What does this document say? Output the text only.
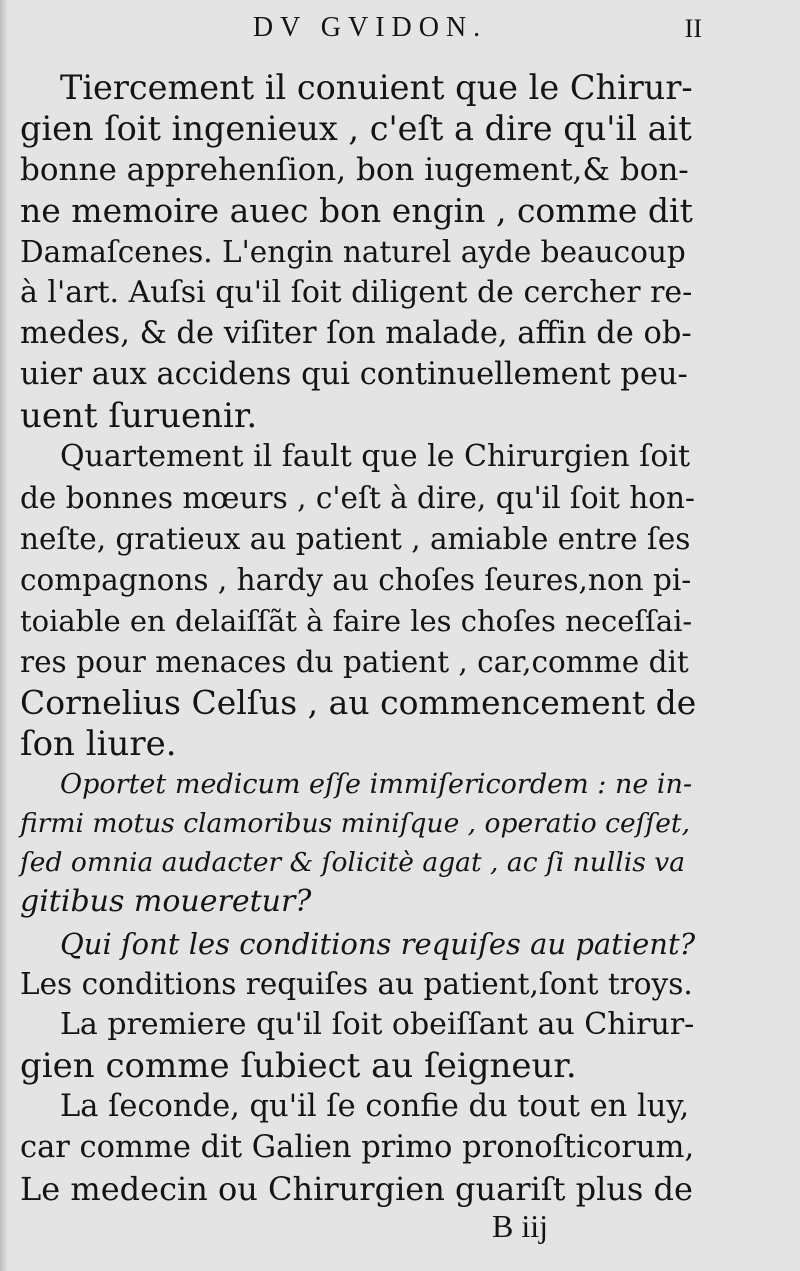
DV GVIDON.	II
Tiercement il conuient que le Chirur-
gien ſoit ingenieux , c'eſt a dire qu'il ait
bonne apprehenſion, bon iugement,& bon-
ne memoire auec bon engin , comme dit
Damaſcenes. L'engin naturel ayde beaucoup
à l'art. Auſsi qu'il ſoit diligent de cercher re-
medes, & de viſiter ſon malade, affin de ob-
uier aux accidens qui continuellement peu-
uent ſuruenir.
Quartement il fault que le Chirurgien ſoit
de bonnes mœurs , c'eſt à dire, qu'il ſoit hon-
neſte, gratieux au patient , amiable entre ſes
compagnons , hardy au choſes ſeures,non pi-
toiable en delaiſſãt à faire les choſes neceſſai-
res pour menaces du patient , car,comme dit
Cornelius Celſus , au commencement de
ſon liure.
Oportet medicum eſſe immiſericordem : ne in-
firmi motus clamoribus miniſque , operatio ceſſet,
ſed omnia audacter & ſolicitè agat , ac ſi nullis va
gitibus moueretur?
Qui ſont les conditions requiſes au patient?
Les conditions requiſes au patient,ſont troys.
La premiere qu'il ſoit obeiſſant au Chirur-
gien comme ſubiect au ſeigneur.
La ſeconde, qu'il ſe confie du tout en luy,
car comme dit Galien primo pronoſticorum,
Le medecin ou Chirurgien guariſt plus de
B iij
